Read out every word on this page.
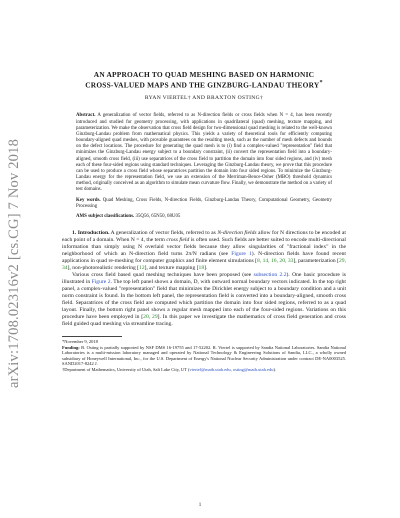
arXiv:1708.02316v2 [cs.CG] 7 Nov 2018
AN APPROACH TO QUAD MESHING BASED ON HARMONIC
CROSS-VALUED MAPS AND THE GINZBURG-LANDAU THEORY*
RYAN VIERTEL† AND BRAXTON OSTING†
Abstract. A generalization of vector fields, referred to as N-direction fields or cross fields when N = 4, has been recently introduced and studied for geometry processing, with applications in quadrilateral (quad) meshing, texture mapping, and parameterization. We make the observation that cross field design for two-dimensional quad meshing is related to the well-known Ginzburg-Landau problem from mathematical physics. This yields a variety of theoretical tools for efficiently computing boundary-aligned quad meshes, with provable guarantees on the resulting mesh, such as the number of mesh defects and bounds on the defect locations. The procedure for generating the quad mesh is to (i) find a complex-valued "representation" field that minimizes the Ginzburg-Landau energy subject to a boundary constraint, (ii) convert the representation field into a boundary-aligned, smooth cross field, (iii) use separatrices of the cross field to partition the domain into four sided regions, and (iv) mesh each of these four-sided regions using standard techniques. Leveraging the Ginzburg-Landau theory, we prove that this procedure can be used to produce a cross field whose separatrices partition the domain into four sided regions. To minimize the Ginzburg-Landau energy for the representation field, we use an extension of the Merriman-Bence-Osher (MBO) threshold dynamics method, originally conceived as an algorithm to simulate mean curvature flow. Finally, we demonstrate the method on a variety of test domains.
Key words. Quad Meshing, Cross Fields, N-direction Fields, Ginzburg-Landau Theory, Computational Geometry, Geometry Processing
AMS subject classifications. 35Q56, 65N50, 68U05

1. Introduction. A generalization of vector fields, referred to as N-direction fields allow for N directions to be encoded at each point of a domain. When N = 4, the term cross field is often used. Such fields are better suited to encode multi-directional information than simply using N overlaid vector fields because they allow singularities of "fractional index" in the neighborhood of which an N-direction field turns 2π/N radians (see Figure 1). N-direction fields have found recent applications in quad re-meshing for computer graphics and finite element simulations [8, 14, 16, 20, 33], parameterization [29, 34], non-photorealistic rendering [12], and texture mapping [18].

Various cross field based quad meshing techniques have been proposed (see subsection 2.2). One basic procedure is illustrated in Figure 2. The top left panel shows a domain, D, with outward normal boundary vectors indicated. In the top right panel, a complex-valued "representation" field that minimizes the Dirichlet energy subject to a boundary condition and a unit norm constraint is found. In the bottom left panel, the representation field is converted into a boundary-aligned, smooth cross field. Separatrices of the cross field are computed which partition the domain into four sided regions, referred to as a quad layout. Finally, the bottom right panel shows a regular mesh mapped into each of the four-sided regions. Variations on this procedure have been employed in [20, 29]. In this paper we investigate the mathematics of cross field generation and cross field guided quad meshing via streamline tracing.

*November 9, 2018

Funding: B. Osting is partially supported by NSF DMS 16-19755 and 17-52202. R. Viertel is supported by Sandia National Laboratories. Sandia National Laboratories is a multi-mission laboratory managed and operated by National Technology & Engineering Solutions of Sandia, LLC., a wholly owned subsidiary of Honeywell International, Inc., for the U.S. Department of Energy's National Nuclear Security Administration under contract DE-NA0003525. SAND2017-8242 J.

†Department of Mathematics, University of Utah, Salt Lake City, UT (viertel@math.utah.edu, osting@math.utah.edu).

1
